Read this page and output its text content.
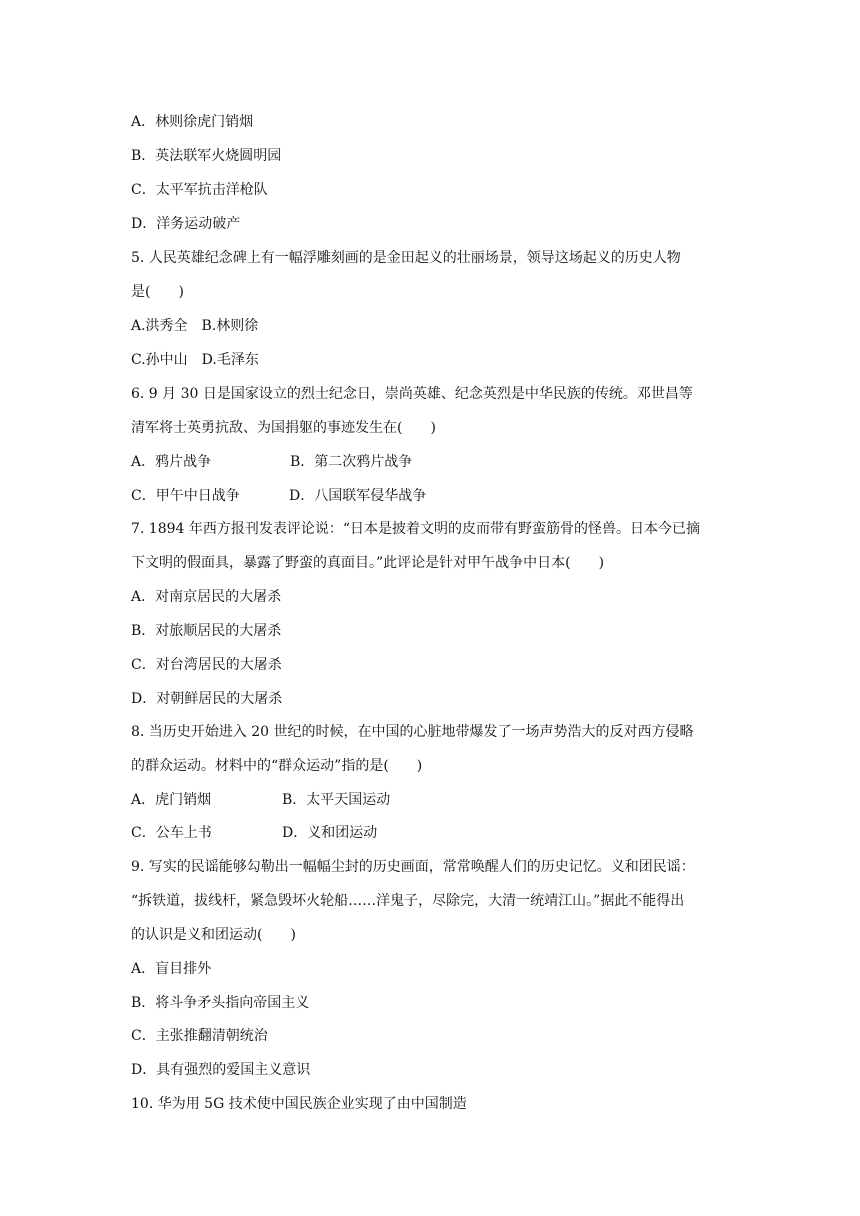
A．林则徐虎门销烟
B．英法联军火烧圆明园
C．太平军抗击洋枪队
D．洋务运动破产
5. 人民英雄纪念碑上有一幅浮雕刻画的是金田起义的壮丽场景，领导这场起义的历史人物
是(　　)
A.洪秀全　B.林则徐
C.孙中山　D.毛泽东
6. 9 月 30 日是国家设立的烈士纪念日，崇尚英雄、纪念英烈是中华民族的传统。邓世昌等
清军将士英勇抗敌、为国捐躯的事迹发生在(　　)
A．鸦片战争	B．第二次鸦片战争
C．甲午中日战争	D．八国联军侵华战争
7. 1894 年西方报刊发表评论说：“日本是披着文明的皮而带有野蛮筋骨的怪兽。日本今已摘
下文明的假面具，暴露了野蛮的真面目。”此评论是针对甲午战争中日本(　　)
A．对南京居民的大屠杀
B．对旅顺居民的大屠杀
C．对台湾居民的大屠杀
D．对朝鲜居民的大屠杀
8. 当历史开始进入 20 世纪的时候，在中国的心脏地带爆发了一场声势浩大的反对西方侵略
的群众运动。材料中的“群众运动”指的是(　　)
A．虎门销烟	B．太平天国运动
C．公车上书	D．义和团运动
9. 写实的民谣能够勾勒出一幅幅尘封的历史画面，常常唤醒人们的历史记忆。义和团民谣：
“拆铁道，拔线杆，紧急毁坏火轮船……洋鬼子，尽除完，大清一统靖江山。”据此不能得出
的认识是义和团运动(　　)
A．盲目排外
B．将斗争矛头指向帝国主义
C．主张推翻清朝统治
D．具有强烈的爱国主义意识
10. 华为用 5G 技术使中国民族企业实现了由中国制造
